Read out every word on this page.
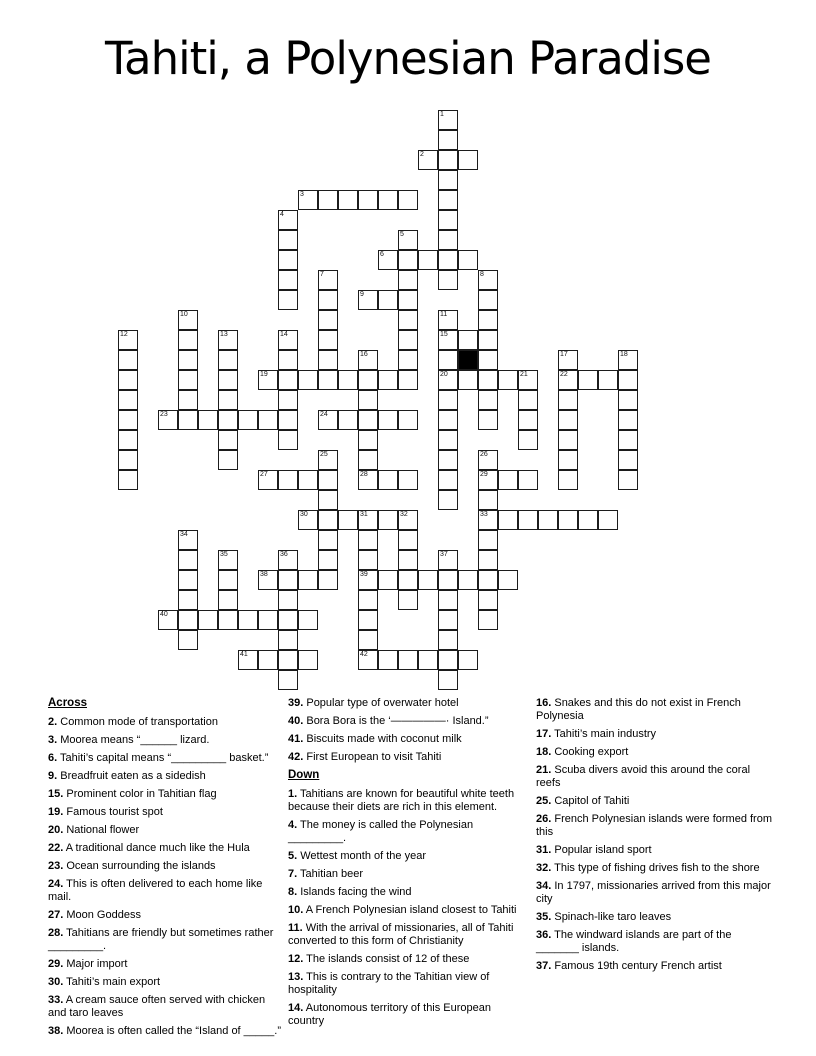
Tahiti, a Polynesian Paradise
2
3
6
9
15
19	20	21	22
23	24
27	28	29
30	31	32	33
38	39
40
41	42
1
4
5
7	8
10	11
12	13	14
16	17	18
25	26
34
35	36	37
Across
2. Common mode of transportation
3. Moorea means “______ lizard.
6. Tahiti’s capital means “_________ basket.”
9. Breadfruit eaten as a sidedish
15. Prominent color in Tahitian flag
19. Famous tourist spot
20. National flower
22. A traditional dance much like the Hula
23. Ocean surrounding the islands
24. This is often delivered to each home like mail.
27. Moon Goddess
28. Tahitians are friendly but sometimes rather _________.
29. Major import
30. Tahiti’s main export
33. A cream sauce often served with chicken and taro leaves
38. Moorea is often called the “Island of _____.”
39. Popular type of overwater hotel
40. Bora Bora is the ‘—————· Island.”
41. Biscuits made with coconut milk
42. First European to visit Tahiti
Down
1. Tahitians are known for beautiful white teeth because their diets are rich in this element.
4. The money is called the Polynesian _________.
5. Wettest month of the year
7. Tahitian beer
8. Islands facing the wind
10. A French Polynesian island closest to Tahiti
11. With the arrival of missionaries, all of Tahiti converted to this form of Christianity
12. The islands consist of 12 of these
13. This is contrary to the Tahitian view of hospitality
14. Autonomous territory of this European country
16. Snakes and this do not exist in French Polynesia
17. Tahiti’s main industry
18. Cooking export
21. Scuba divers avoid this around the coral reefs
25. Capitol of Tahiti
26. French Polynesian islands were formed from this
31. Popular island sport
32. This type of fishing drives fish to the shore
34. In 1797, missionaries arrived from this major city
35. Spinach-like taro leaves
36. The windward islands are part of the _______ islands.
37. Famous 19th century French artist
